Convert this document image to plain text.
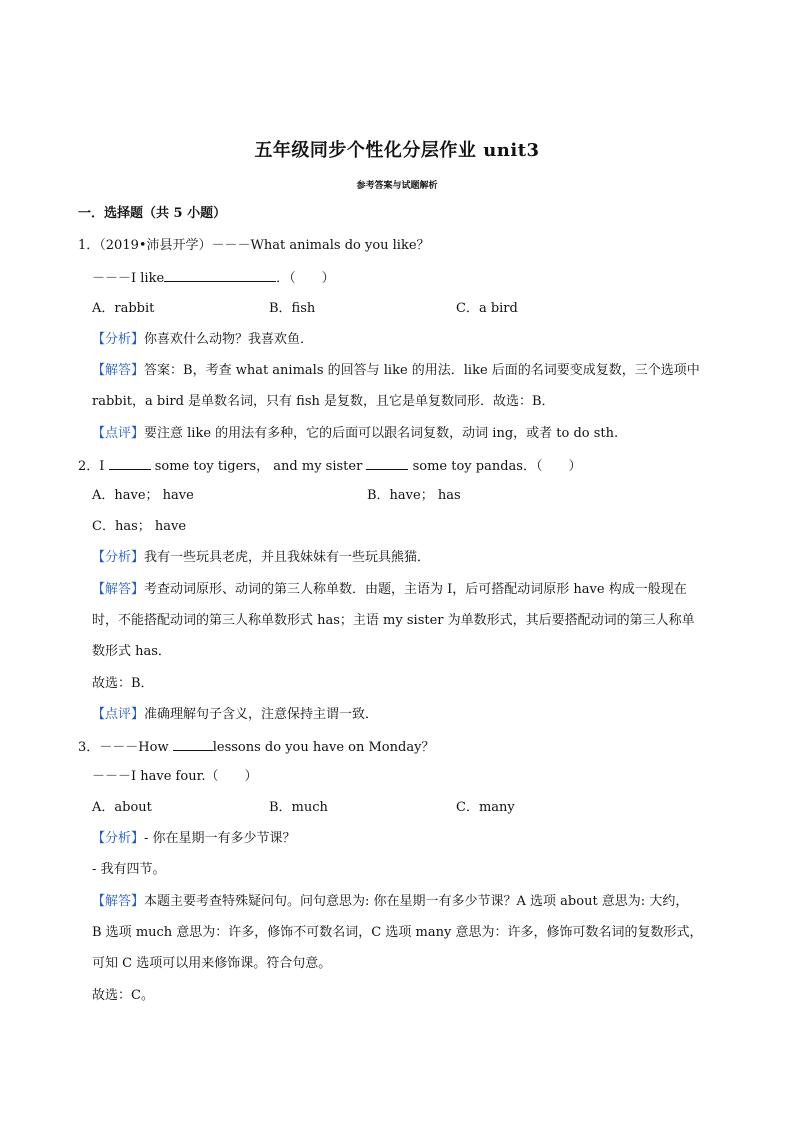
五年级同步个性化分层作业 unit3
参考答案与试题解析
一．选择题（共 5 小题）
1．（2019•沛县开学）－－－What animals do you like？
－－－I like	．（　　）
A．rabbit	B．fish	C．a bird
【分析】你喜欢什么动物？我喜欢鱼．
【解答】答案：B，考查 what animals 的回答与 like 的用法．like 后面的名词要变成复数，三个选项中
rabbit，a bird 是单数名词，只有 fish 是复数，且它是单复数同形．故选：B．
【点评】要注意 like 的用法有多种，它的后面可以跟名词复数，动词 ing，或者 to do sth.
2．I	some toy tigers， and my sister	some toy pandas．（　　）
A．have； have	B．have； has
C．has； have
【分析】我有一些玩具老虎，并且我妹妹有一些玩具熊猫．
【解答】考查动词原形、动词的第三人称单数．由题，主语为 I，后可搭配动词原形 have 构成一般现在
时，不能搭配动词的第三人称单数形式 has；主语 my sister 为单数形式，其后要搭配动词的第三人称单
数形式 has．
故选：B．
【点评】准确理解句子含义，注意保持主谓一致．
3．－－－How	lessons do you have on Monday？
－－－I have four.（　　）
A．about	B．much	C．many
【分析】- 你在星期一有多少节课？
- 我有四节。
【解答】本题主要考查特殊疑问句。问句意思为: 你在星期一有多少节课？A 选项 about 意思为: 大约，
B 选项 much 意思为：许多，修饰不可数名词，C 选项 many 意思为：许多，修饰可数名词的复数形式，
可知 C 选项可以用来修饰课。符合句意。
故选：C。
